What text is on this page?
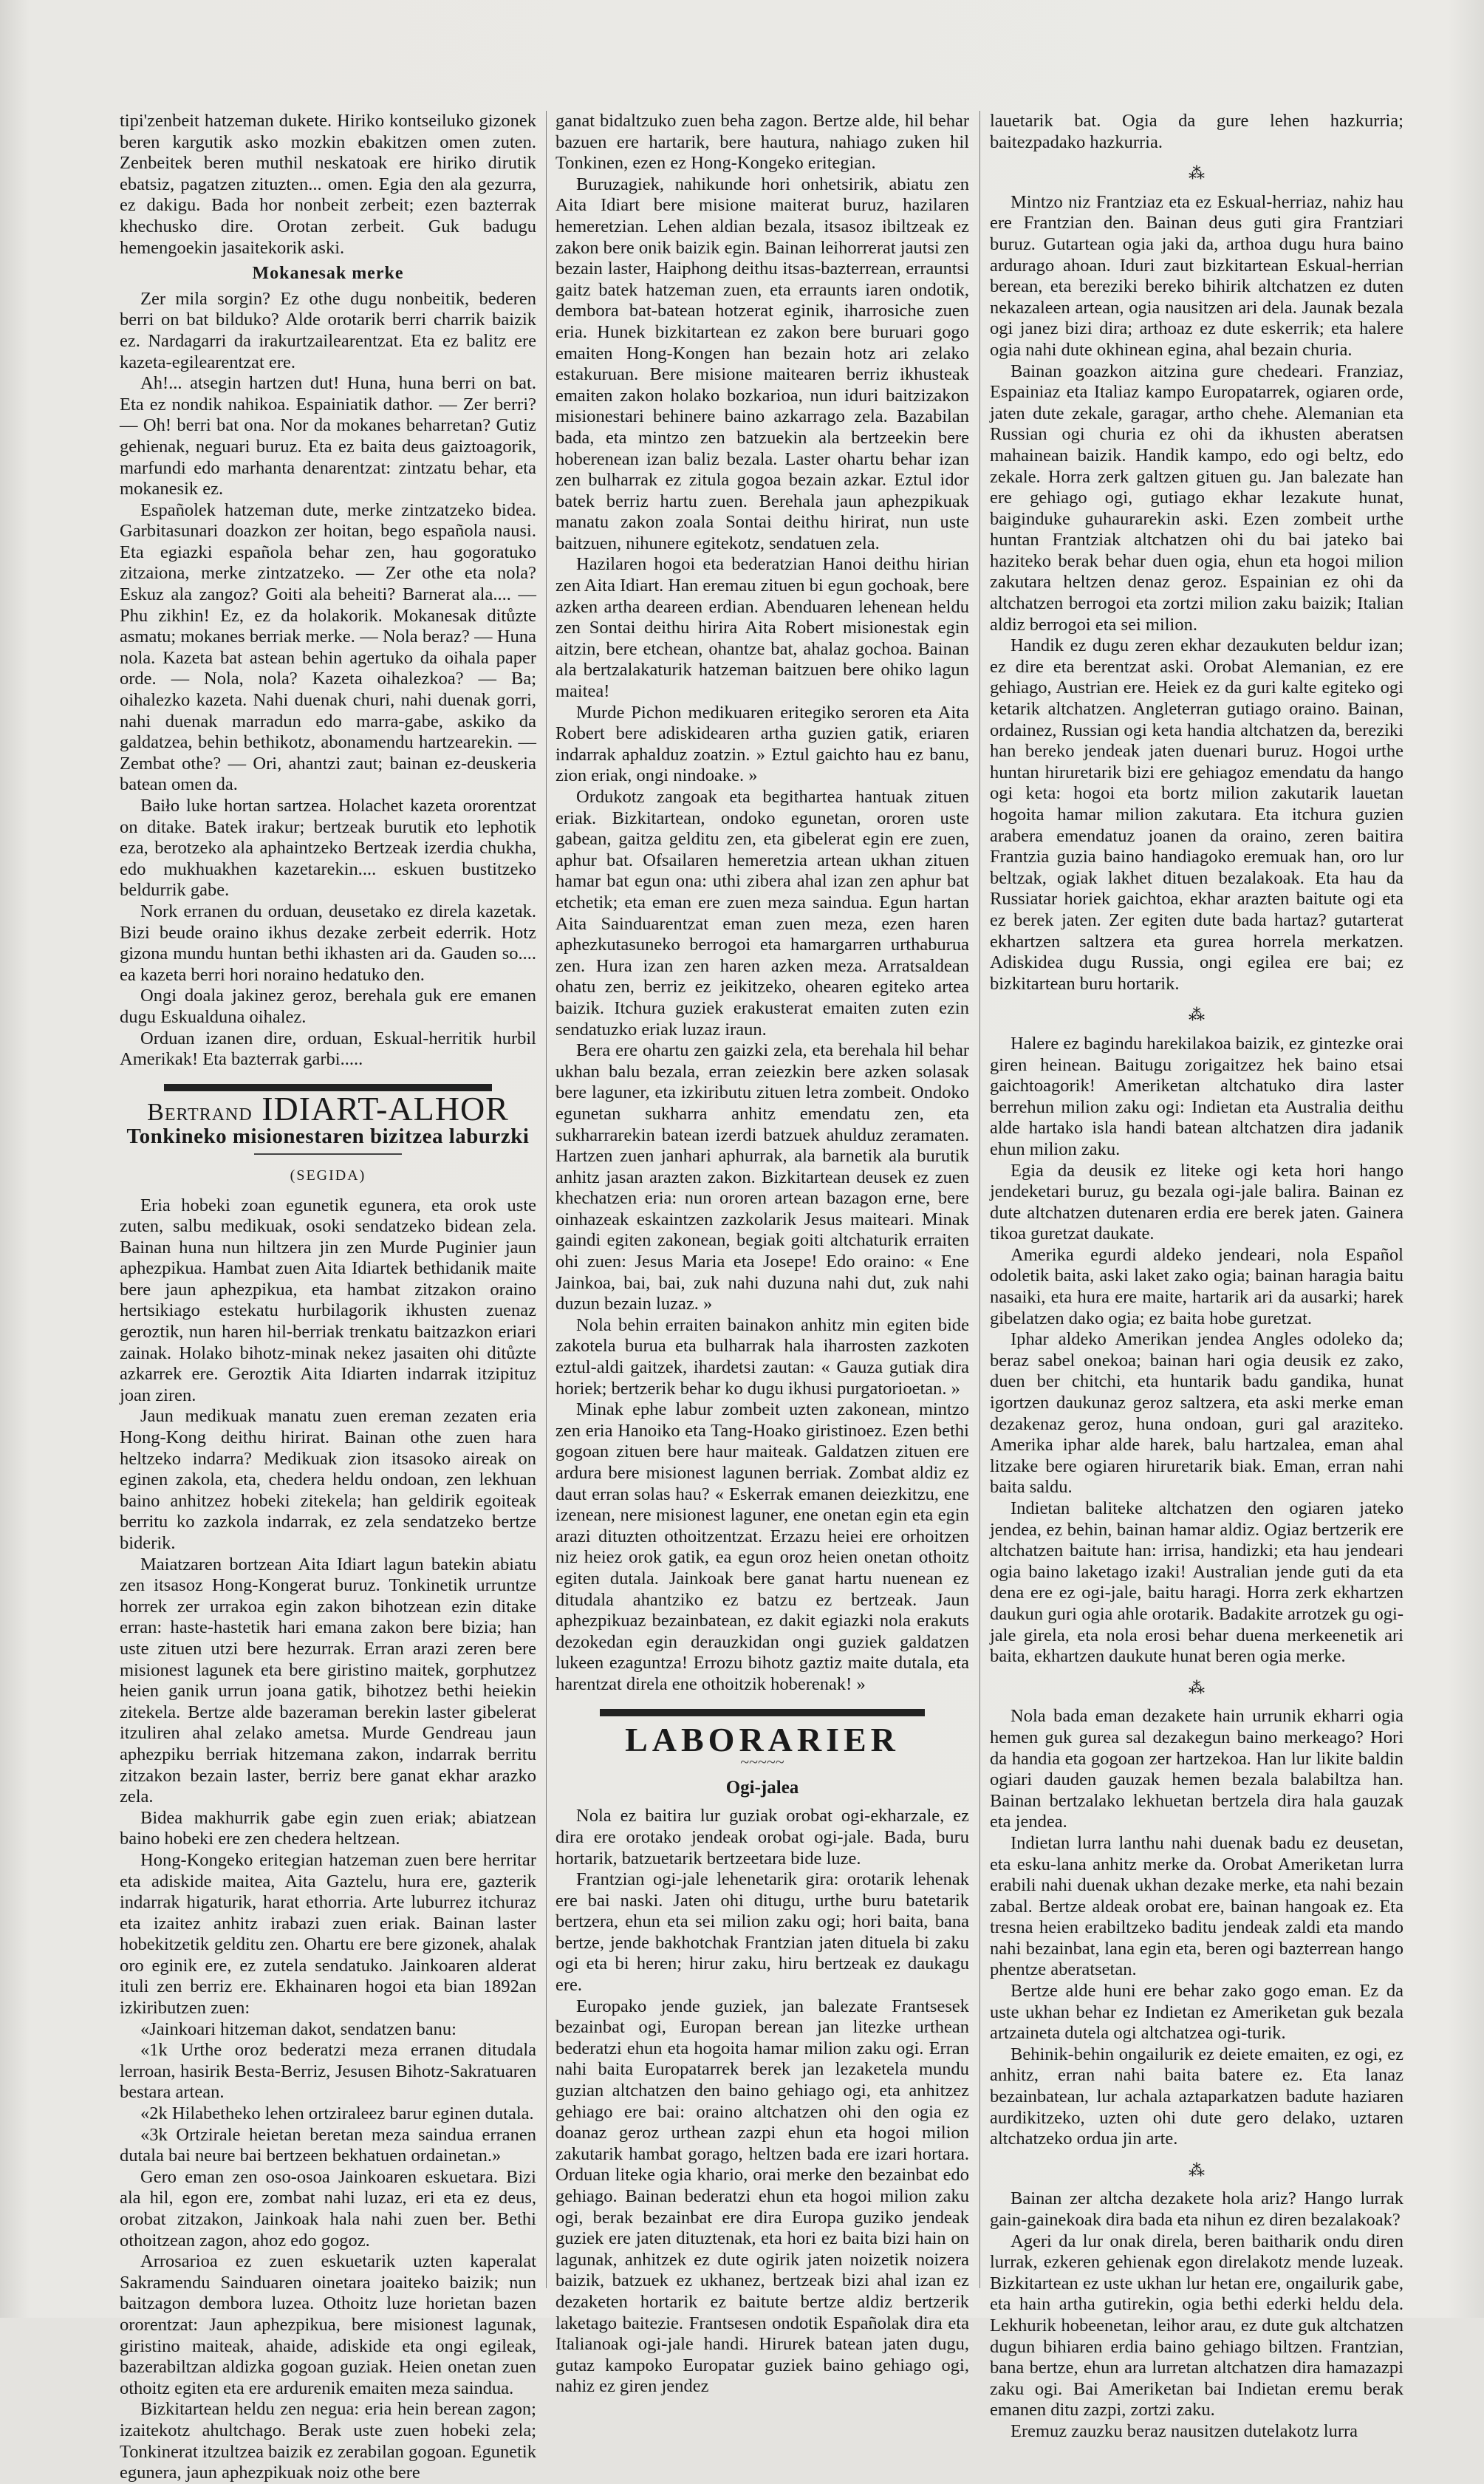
tipi'zenbeit hatzeman dukete. Hiriko kontseiluko gizonek beren kargutik asko mozkin ebakitzen omen zuten. Zenbeitek beren muthil neskatoak ere hiriko dirutik ebatsiz, pagatzen zituzten... omen. Egia den ala gezurra, ez dakigu. Bada hor nonbeit zerbeit; ezen bazterrak khechusko dire. Orotan zerbeit. Guk badugu hemengoekin jasaitekorik aski.

Mokanesak merke

Zer mila sorgin? Ez othe dugu nonbeitik, bederen berri on bat bilduko? Alde orotarik berri charrik baizik ez. Nardagarri da irakurtzailearentzat. Eta ez balitz ere kazeta-egilearentzat ere.

Ah!... atsegin hartzen dut! Huna, huna berri on bat. Eta ez nondik nahikoa. Espainiatik dathor. — Zer berri? — Oh! berri bat ona. Nor da mokanes beharretan? Gutiz gehienak, neguari buruz. Eta ez baita deus gaiztoagorik, marfundi edo marhanta denarentzat: zintzatu behar, eta mokanesik ez.

Españolek hatzeman dute, merke zintzatzeko bidea. Garbitasunari doazkon zer hoitan, bego española nausi. Eta egiazki españolа behar zen, hau gogoratuko zitzaiona, merke zintzatzeko. — Zer othe eta nola? Eskuz ala zangoz? Goiti ala beheiti? Barnerat ala.... — Phu zikhin! Ez, ez da holakorik. Mokanesak ditůzte asmatu; mokanes berriak merke. — Nola beraz? — Huna nola. Kazeta bat astean behin agertuko da oihala paper orde. — Nola, nola? Kazeta oihalezkoa? — Ba; oihalezko kazeta. Nahi duenak churi, nahi duenak gorri, nahi duenak marradun edo marra-gabe, askiko da galdatzea, behin bethikotz, abonamendu hartzearekin. — Zembat othe? — Ori, ahantzi zaut; bainan ez-deuskeria batean omen da.

Baiło luke hortan sartzea. Holachet kazeta ororentzat on ditake. Batek irakur; bertzeak burutik eto lephotik eza, berotzeko ala aphaintzeko Bertzeak izerdia chukha, edo mukhuakhen kazetarekin.... eskuen bustitzeko beldurrik gabe.

Nork erranen du orduan, deusetako ez direla kazetak. Bizi beude oraino ikhus dezake zerbeit ederrik. Hotz gizona mundu huntan bethi ikhasten ari da. Gauden so.... ea kazeta berri hori noraino hedatuko den.

Ongi doala jakinez geroz, berehala guk ere emanen dugu Eskualduna oihalez.

Orduan izanen dire, orduan, Eskual-herritik hurbil Amerikak! Eta bazterrak garbi.....

Bertrand IDIART-ALHOR
Tonkineko misionestaren bizitzea laburzki
(SEGIDA)

Eria hobeki zoan egunetik egunera, eta orok uste zuten, salbu medikuak, osoki sendatzeko bidean zela. Bainan huna nun hiltzera jin zen Murde Puginier jaun aphezpikua. Hambat zuen Aita Idiartek bethidanik maite bere jaun aphezpikua, eta hambat zitzakon oraino hertsikiago estekatu hurbilagorik ikhusten zuenaz geroztik, nun haren hil-berriak trenkatu baitzazkon eriari zainak. Holako bihotz-minak nekez jasaiten ohi ditůzte azkarrek ere. Geroztik Aita Idiarten indarrak itzipituz joan ziren.

Jaun medikuak manatu zuen ereman zezaten eria Hong-Kong deithu hirirat. Bainan othe zuen hara heltzeko indarra? Medikuak zion itsasoko aireak on eginen zakola, eta, chedera heldu ondoan, zen lekhuan baino anhitzez hobeki zitekela; han geldirik egoiteak berritu ko zazkola indarrak, ez zela sendatzeko bertze biderik.

Maiatzaren bortzean Aita Idiart lagun batekin abiatu zen itsasoz Hong-Kongerat buruz. Tonkinetik urruntze horrek zer urrakoa egin zakon bihotzean ezin ditake erran: haste-hastetik hari emana zakon bere bizia; han uste zituen utzi bere hezurrak. Erran arazi zeren bere misionest lagunek eta bere giristino maitek, gorphutzez heien ganik urrun joana gatik, bihotzez bethi heiekin zitekela. Bertze alde bazeraman berekin laster gibelerat itzuliren ahal zelako ametsa. Murde Gendreau jaun aphezpiku berriak hitzemana zakon, indarrak berritu zitzakon bezain laster, berriz bere ganat ekhar arazko zela.

Bidea makhurrik gabe egin zuen eriak; abiatzean baino hobeki ere zen chedera heltzean.

Hong-Kongeko eritegian hatzeman zuen bere herritar eta adiskide maitea, Aita Gaztelu, hura ere, gazterik indarrak higaturik, harat ethorria. Arte luburrez itchuraz eta izaitez anhitz irabazi zuen eriak. Bainan laster hobekitzetik gelditu zen. Ohartu ere bere gizonek, ahalak oro eginik ere, ez zutela sendatuko. Jainkoaren alderat ituli zen berriz ere. Ekhainaren hogoi eta bian 1892an izkiributzen zuen:

«Jainkoari hitzeman dakot, sendatzen banu:

«1k Urthe oroz bederatzi meza erranen ditudala lerroan, hasirik Besta-Berriz, Jesusen Bihotz-Sakratuaren bestara artean.

«2k Hilabetheko lehen ortziraleez barur eginen dutala.

«3k Ortzirale heietan beretan meza saindua erranen dutala bai neure bai bertzeen bekhatuen ordainetan.»

Gero eman zen oso-osoa Jainkoaren eskuetara. Bizi ala hil, egon ere, zombat nahi luzaz, eri eta ez deus, orobat zitzakon, Jainkoak hala nahi zuen ber. Bethi othoitzean zagon, ahoz edo gogoz.

Arrosarioa ez zuen eskuetarik uzten kaperalat Sakramendu Sainduaren oinetara joaiteko baizik; nun baitzagon dembora luzea. Othoitz luze horietan bazen ororentzat: Jaun aphezpikua, bere misionest lagunak, giristino maiteak, ahaide, adiskide eta ongi egileak, bazerabiltzan aldizka gogoan guziak. Heien onetan zuen othoitz egiten eta ere ardurenik emaiten meza saindua.

Bizkitartean heldu zen negua: eria hein berean zagon; izaitekotz ahultchago. Berak uste zuen hobeki zela; Tonkinerat itzultzea baizik ez zerabilan gogoan. Egunetik egunera, jaun aphezpikuak noiz othe bere

ganat bidaltzuko zuen beha zagon. Bertze alde, hil behar bazuen ere hartarik, bere hautura, nahiago zuken hil Tonkinen, ezen ez Hong-Kongeko eritegian.

Buruzagiek, nahikunde hori onhetsirik, abiatu zen Aita Idiart bere misione maiterat buruz, hazilaren hemeretzian. Lehen aldian bezala, itsasoz ibiltzeak ez zakon bere onik baizik egin. Bainan leihorrerat jautsi zen bezain laster, Haiphong deithu itsas-bazterrean, errauntsi gaitz batek hatzeman zuen, eta erraunts iaren ondotik, dembora bat-batean hotzerat eginik, iharrosiche zuen eria. Hunek bizkitartean ez zakon bere buruari gogo emaiten Hong-Kongen han bezain hotz ari zelako estakuruan. Bere misione maitearen berriz ikhusteak emaiten zakon holako bozkarioa, nun iduri baitzizakon misionestari behinere baino azkarrago zela. Bazabilan bada, eta mintzo zen batzuekin ala bertzeekin bere hoberenean izan baliz bezala. Laster ohartu behar izan zen bulharrak ez zitula gogoa bezain azkar. Eztul idor batek berriz hartu zuen. Berehala jaun aphezpikuak manatu zakon zoala Sontai deithu hirirat, nun uste baitzuen, nihunere egitekotz, sendatuen zela.

Hazilaren hogoi eta bederatzian Hanoi deithu hirian zen Aita Idiart. Han eremau zituen bi egun gochoak, bere azken artha deareen erdian. Abenduaren lehenean heldu zen Sontai deithu hirira Aita Robert misionestak egin aitzin, bere etchean, ohantze bat, ahalaz gochoa. Bainan ala bertzalakaturik hatzeman baitzuen bere ohiko lagun maitea!

Murde Pichon medikuaren eritegiko seroren eta Aita Robert bere adiskidearen artha guzien gatik, eriaren indarrak aphalduz zoatzin. » Eztul gaichto hau ez banu, zion eriak, ongi nindoake. »

Ordukotz zangoak eta begithartea hantuak zituen eriak. Bizkitartean, ondoko egunetan, ororen uste gabean, gaitza gelditu zen, eta gibelerat egin ere zuen, aphur bat. Ofsailaren hemeretzia artean ukhan zituen hamar bat egun ona: uthi zibera ahal izan zen aphur bat etchetik; eta eman ere zuen meza saindua. Egun hartan Aita Sainduarentzat eman zuen meza, ezen haren aphezkutasuneko berrogoi eta hamargarren urthaburua zen. Hura izan zen haren azken meza. Arratsaldean ohatu zen, berriz ez jeikitzeko, ohearen egiteko artea baizik. Itchura guziek erakusterat emaiten zuten ezin sendatuzko eriak luzaz iraun.

Bera ere ohartu zen gaizki zela, eta berehala hil behar ukhan balu bezala, erran zeiezkin bere azken solasak bere laguner, eta izkiributu zituen letra zombeit. Ondoko egunetan sukharra anhitz emendatu zen, eta sukharrarekin batean izerdi batzuek ahulduz zeramaten. Hartzen zuen janhari aphurrak, ala barnetik ala burutik anhitz jasan arazten zakon. Bizkitartean deusek ez zuen khechatzen eria: nun ororen artean bazagon erne, bere oinhazeak eskaintzen zazkolarik Jesus maiteari. Minak gaindi egiten zakonean, begiak goiti altchaturik erraiten ohi zuen: Jesus Maria eta Josepe! Edo oraino: « Ene Jainkoa, bai, bai, zuk nahi duzuna nahi dut, zuk nahi duzun bezain luzaz. »

Nola behin erraiten bainakon anhitz min egiten bide zakotela burua eta bulharrak hala iharrosten zazkoten eztul-aldi gaitzek, ihardetsi zautan: « Gauza gutiak dira horiek; bertzerik behar ko dugu ikhusi purgatorioetan. »

Minak ephe labur zombeit uzten zakonean, mintzo zen eria Hanoiko eta Tang-Hoako giristinoez. Ezen bethi gogoan zituen bere haur maiteak. Galdatzen zituen ere ardura bere misionest lagunen berriak. Zombat aldiz ez daut erran solas hau? « Eskerrak emanen deiezkitzu, ene izenean, nere misionest laguner, ene onetan egin eta egin arazi dituzten othoitzentzat. Erzazu heiei ere orhoitzen niz heiez orok gatik, ea egun oroz heien onetan othoitz egiten dutala. Jainkoak bere ganat hartu nuenean ez ditudala ahantziko ez batzu ez bertzeak. Jaun aphezpikuaz bezainbatean, ez dakit egiazki nola erakuts dezokedan egin derauzkidan ongi guziek galdatzen lukeen ezaguntza! Errozu bihotz gaztiz maite dutala, eta harentzat direla ene othoitzik hoberenak! »

LABORARIER
~~~~~
Ogi-jalea

Nola ez baitira lur guziak orobat ogi-ekharzale, ez dira ere orotako jendeak orobat ogi-jale. Bada, buru hortarik, batzuetarik bertzeetara bide luze.

Frantzian ogi-jale lehenetarik gira: orotarik lehenak ere bai naski. Jaten ohi ditugu, urthe buru batetarik bertzera, ehun eta sei milion zaku ogi; hori baita, bana bertze, jende bakhotchak Frantzian jaten dituela bi zaku ogi eta bi heren; hirur zaku, hiru bertzeak ez daukagu ere.

Europako jende guziek, jan balezate Frantsesek bezainbat ogi, Europan berean jan litezke urthean bederatzi ehun eta hogoita hamar milion zaku ogi. Erran nahi baita Europatarrek berek jan lezaketela mundu guzian altchatzen den baino gehiago ogi, eta anhitzez gehiago ere bai: oraino altchatzen ohi den ogia ez doanaz geroz urthean zazpi ehun eta hogoi milion zakutarik hambat gorago, heltzen bada ere izari hortara. Orduan liteke ogia khario, orai merke den bezainbat edo gehiago. Bainan bederatzi ehun eta hogoi milion zaku ogi, berak bezainbat ere dira Europa guziko jendeak guziek ere jaten dituztenak, eta hori ez baita bizi hain on lagunak, anhitzek ez dute ogirik jaten noizetik noizera baizik, batzuek ez ukhanez, bertzeak bizi ahal izan ez dezaketen hortarik ez baitute bertze aldiz bertzerik laketago baitezie. Frantsesen ondotik Españolak dira eta Italianoak ogi-jale handi. Hirurek batean jaten dugu, gutaz kampoko Europatar guziek baino gehiago ogi, nahiz ez giren jendez

lauetarik bat. Ogia da gure lehen hazkurria; baitezpadako hazkurria.

⁂

Mintzo niz Frantziaz eta ez Eskual-herriaz, nahiz hau ere Frantzian den. Bainan deus guti gira Frantziari buruz. Gutartean ogia jaki da, arthoa dugu hura baino ardurago ahoan. Iduri zaut bizkitartean Eskual-herrian berean, eta bereziki bereko bihirik altchatzen ez duten nekazaleen artean, ogia nausitzen ari dela. Jaunak bezala ogi janez bizi dira; arthoaz ez dute eskerrik; eta halere ogia nahi dute okhinean egina, ahal bezain churia.

Bainan goazkon aitzina gure chedeari. Franziaz, Espainiaz eta Italiaz kampo Europatarrek, ogiaren orde, jaten dute zekale, garagar, artho chehe. Alemanian eta Russian ogi churia ez ohi da ikhusten aberatsen mahainean baizik. Handik kampo, edo ogi beltz, edo zekale. Horra zerk galtzen gituen gu. Jan balezate han ere gehiago ogi, gutiago ekhar lezakute hunat, baiginduke guhaurarekin aski. Ezen zombeit urthe huntan Frantziak altchatzen ohi du bai jateko bai haziteko berak behar duen ogia, ehun eta hogoi milion zakutara heltzen denaz geroz. Espainian ez ohi da altchatzen berrogoi eta zortzi milion zaku baizik; Italian aldiz berrogoi eta sei milion.

Handik ez dugu zeren ekhar dezaukuten beldur izan; ez dire eta berentzat aski. Orobat Alemanian, ez ere gehiago, Austrian ere. Heiek ez da guri kalte egiteko ogi ketarik altchatzen. Angleterran gutiago oraino. Bainan, ordainez, Russian ogi keta handia altchatzen da, bereziki han bereko jendeak jaten duenari buruz. Hogoi urthe huntan hiruretarik bizi ere gehiagoz emendatu da hango ogi keta: hogoi eta bortz milion zakutarik lauetan hogoita hamar milion zakutara. Eta itchura guzien arabera emendatuz joanen da oraino, zeren baitira Frantzia guzia baino handiagoko eremuak han, oro lur beltzak, ogiak lakhet dituen bezalakoak. Eta hau da Russiatar horiek gaichtoa, ekhar arazten baitute ogi eta ez berek jaten. Zer egiten dute bada hartaz? gutarterat ekhartzen saltzera eta gurea horrela merkatzen. Adiskidea dugu Russia, ongi egilea ere bai; ez bizkitartean buru hortarik.

⁂

Halere ez bagindu harekilakoa baizik, ez gintezke orai giren heinean. Baitugu zorigaitzez hek baino etsai gaichtoagorik! Ameriketan altchatuko dira laster berrehun milion zaku ogi: Indietan eta Australia deithu alde hartako isla handi batean altchatzen dira jadanik ehun milion zaku.

Egia da deusik ez liteke ogi keta hori hango jendeketari buruz, gu bezala ogi-jale balira. Bainan ez dute altchatzen dutenaren erdia ere berek jaten. Gainera tikoa guretzat daukate.

Amerika egurdi aldeko jendeari, nola Español odoletik baita, aski laket zako ogia; bainan haragia baitu nasaiki, eta hura ere maite, hartarik ari da ausarki; harek gibelatzen dako ogia; ez baita hobe guretzat.

Iphar aldeko Amerikan jendea Angles odoleko da; beraz sabel onekoa; bainan hari ogia deusik ez zako, duen ber chitchi, eta huntarik badu gandika, hunat igortzen daukunaz geroz saltzera, eta aski merke eman dezakenaz geroz, huna ondoan, guri gal araziteko. Amerika iphar alde harek, balu hartzalea, eman ahal litzake bere ogiaren hiruretarik biak. Eman, erran nahi baita saldu.

Indietan baliteke altchatzen den ogiaren jateko jendea, ez behin, bainan hamar aldiz. Ogiaz bertzerik ere altchatzen baitute han: irrisa, handizki; eta hau jendeari ogia baino laketago izaki! Australian jende guti da eta dena ere ez ogi-jale, baitu haragi. Horra zerk ekhartzen daukun guri ogia ahle orotarik. Badakite arrotzek gu ogi-jale girela, eta nola erosi behar duena merkeenetik ari baita, ekhartzen daukute hunat beren ogia merke.

⁂

Nola bada eman dezakete hain urrunik ekharri ogia hemen guk gurea sal dezakegun baino merkeago? Hori da handia eta gogoan zer hartzekoa. Han lur likite baldin ogiari dauden gauzak hemen bezala balabiltza han. Bainan bertzalako lekhuetan bertzela dira hala gauzak eta jendea.

Indietan lurra lanthu nahi duenak badu ez deusetan, eta esku-lana anhitz merke da. Orobat Ameriketan lurra erabili nahi duenak ukhan dezake merke, eta nahi bezain zabal. Bertze aldeak orobat ere, bainan hangoak ez. Eta tresna heien erabiltzeko baditu jendeak zaldi eta mando nahi bezainbat, lana egin eta, beren ogi bazterrean hango phentze aberatsetan.

Bertze alde huni ere behar zako gogo eman. Ez da uste ukhan behar ez Indietan ez Ameriketan guk bezala artzaineta dutela ogi altchatzea ogi-turik.

Behinik-behin ongailurik ez deiete emaiten, ez ogi, ez anhitz, erran nahi baita batere ez. Eta lanaz bezainbatean, lur achala aztaparkatzen badute haziaren aurdikitzeko, uzten ohi dute gero delako, uztaren altchatzeko ordua jin arte.

⁂

Bainan zer altcha dezakete hola ariz? Hango lurrak gain-gainekoak dira bada eta nihun ez diren bezalakoak?

Ageri da lur onak direla, beren baitharik ondu diren lurrak, ezkeren gehienak egon direlakotz mende luzeak. Bizkitartean ez uste ukhan lur hetan ere, ongailurik gabe, eta hain artha gutirekin, ogia bethi ederki heldu dela. Lekhurik hobeenetan, leihor arau, ez dute guk altchatzen dugun bihiaren erdia baino gehiago biltzen. Frantzian, bana bertze, ehun ara lurretan altchatzen dira hamazazpi zaku ogi. Bai Ameriketan bai Indietan eremu berak emanen ditu zazpi, zortzi zaku.

Eremuz zauzku beraz nausitzen dutelakotz lurra
